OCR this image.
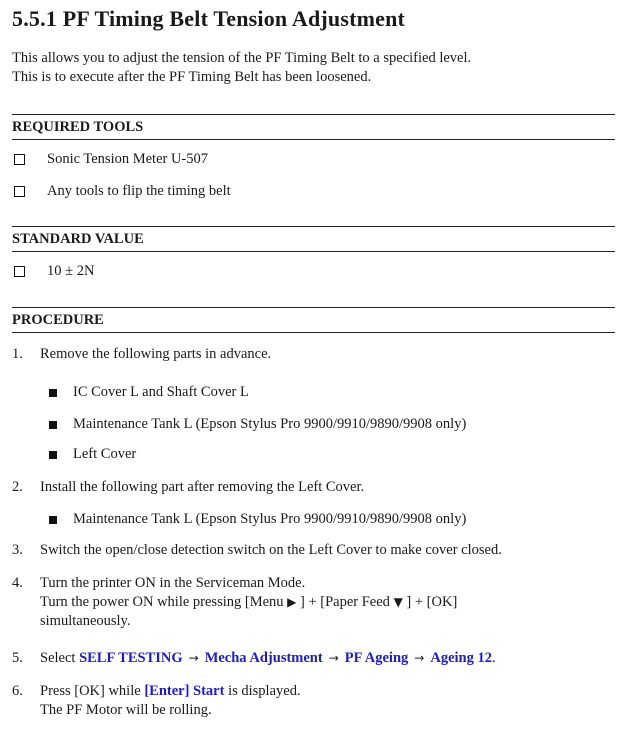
5.5.1 PF Timing Belt Tension Adjustment
This allows you to adjust the tension of the PF Timing Belt to a specified level.
This is to execute after the PF Timing Belt has been loosened.
REQUIRED TOOLS
Sonic Tension Meter U-507
Any tools to flip the timing belt
STANDARD VALUE
10 ± 2N
PROCEDURE
1. Remove the following parts in advance.
IC Cover L and Shaft Cover L
Maintenance Tank L (Epson Stylus Pro 9900/9910/9890/9908 only)
Left Cover
2. Install the following part after removing the Left Cover.
Maintenance Tank L (Epson Stylus Pro 9900/9910/9890/9908 only)
3. Switch the open/close detection switch on the Left Cover to make cover closed.
4. Turn the printer ON in the Serviceman Mode.
Turn the power ON while pressing [Menu ▶ ] + [Paper Feed ▼ ] + [OK]
simultaneously.
5. Select SELF TESTING → Mecha Adjustment → PF Ageing → Ageing 12.
6. Press [OK] while [Enter] Start is displayed.
The PF Motor will be rolling.
